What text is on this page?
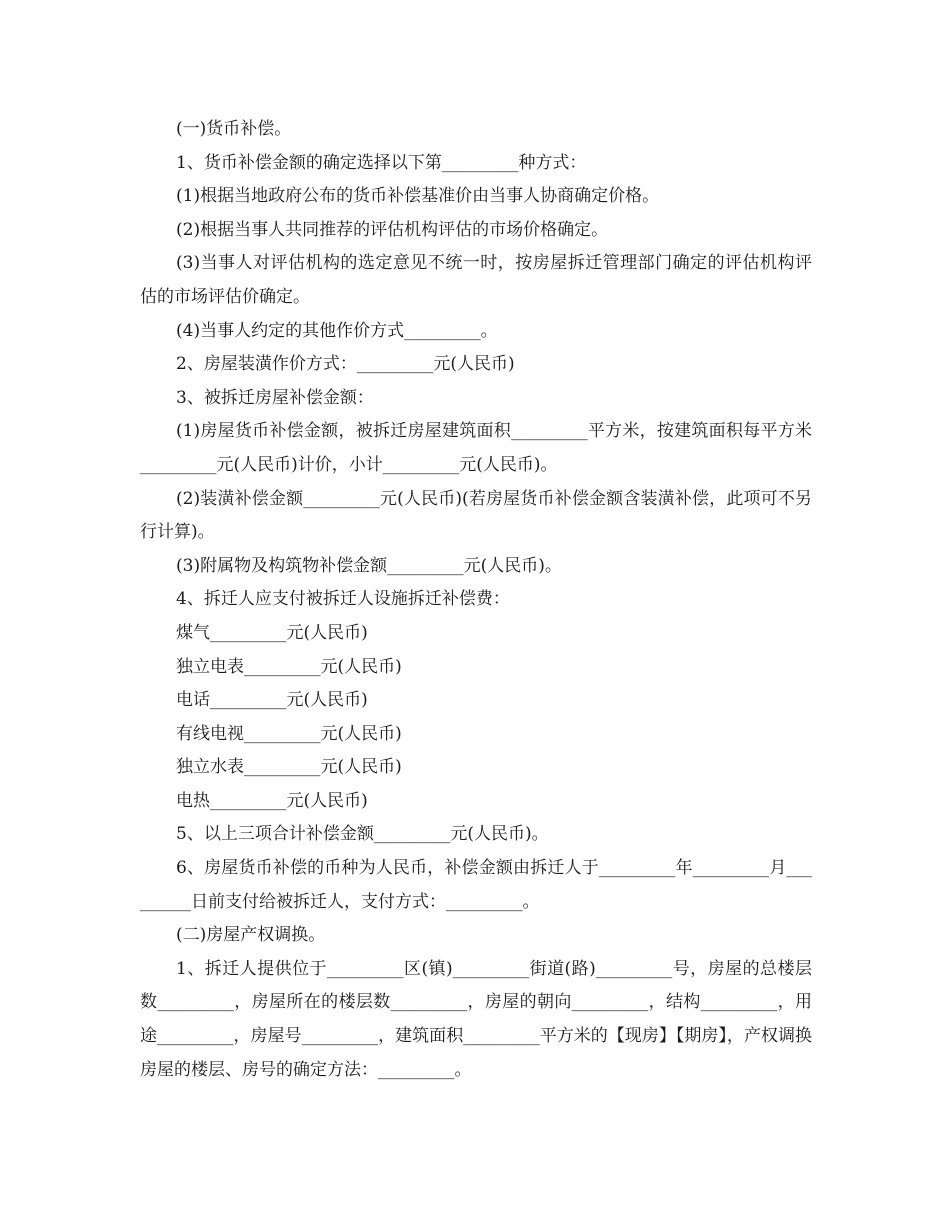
(一)货币补偿。

1、货币补偿金额的确定选择以下第_________种方式：

(1)根据当地政府公布的货币补偿基准价由当事人协商确定价格。

(2)根据当事人共同推荐的评估机构评估的市场价格确定。

(3)当事人对评估机构的选定意见不统一时，按房屋拆迁管理部门确定的评估机构评估的市场评估价确定。

(4)当事人约定的其他作价方式_________。

2、房屋装潢作价方式：_________元(人民币)

3、被拆迁房屋补偿金额：

(1)房屋货币补偿金额，被拆迁房屋建筑面积_________平方米，按建筑面积每平方米_________元(人民币)计价，小计_________元(人民币)。

(2)装潢补偿金额_________元(人民币)(若房屋货币补偿金额含装潢补偿，此项可不另行计算)。

(3)附属物及构筑物补偿金额_________元(人民币)。

4、拆迁人应支付被拆迁人设施拆迁补偿费：

煤气_________元(人民币)

独立电表_________元(人民币)

电话_________元(人民币)

有线电视_________元(人民币)

独立水表_________元(人民币)

电热_________元(人民币)

5、以上三项合计补偿金额_________元(人民币)。

6、房屋货币补偿的币种为人民币，补偿金额由拆迁人于_________年_________月_________日前支付给被拆迁人，支付方式：_________。

(二)房屋产权调换。

1、拆迁人提供位于_________区(镇)_________街道(路)_________号，房屋的总楼层数_________，房屋所在的楼层数_________，房屋的朝向_________，结构_________，用途_________，房屋号_________，建筑面积_________平方米的【现房】【期房】，产权调换房屋的楼层、房号的确定方法：_________。
